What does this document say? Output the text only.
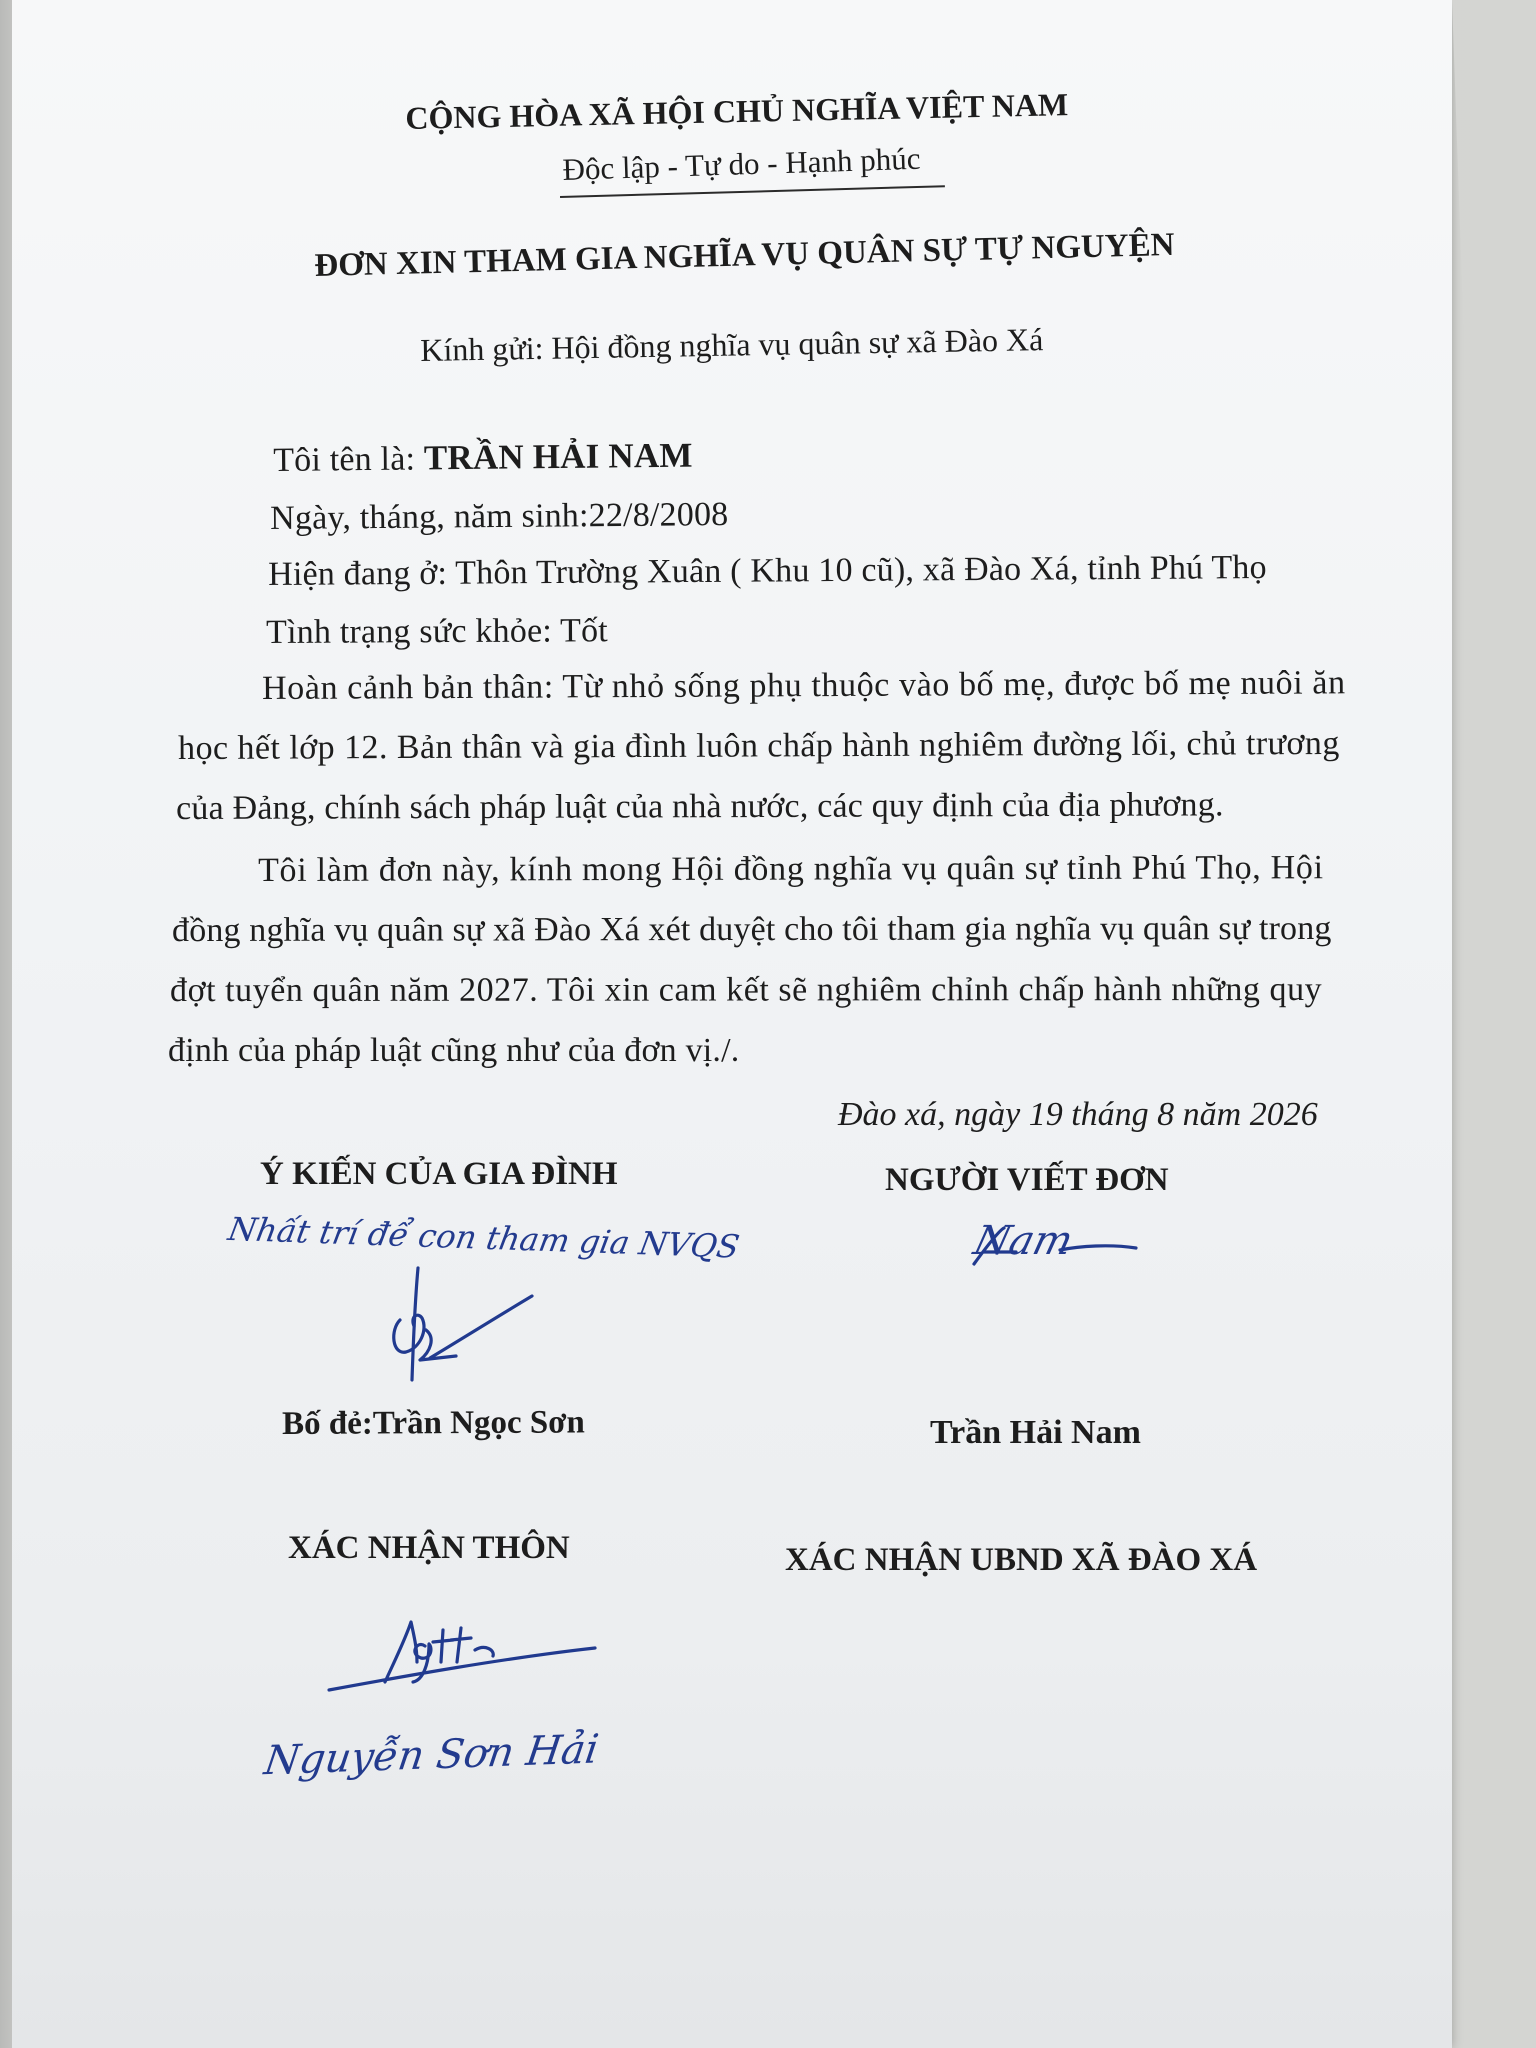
CỘNG HÒA XÃ HỘI CHỦ NGHĨA VIỆT NAM
Độc lập - Tự do - Hạnh phúc
ĐƠN XIN THAM GIA NGHĨA VỤ QUÂN SỰ TỰ NGUYỆN
Kính gửi: Hội đồng nghĩa vụ quân sự xã Đào Xá
Tôi tên là: TRẦN HẢI NAM
Ngày, tháng, năm sinh:22/8/2008
Hiện đang ở: Thôn Trường Xuân ( Khu 10 cũ), xã Đào Xá, tỉnh Phú Thọ
Tình trạng sức khỏe: Tốt
Hoàn cảnh bản thân: Từ nhỏ sống phụ thuộc vào bố mẹ, được bố mẹ nuôi ăn
học hết lớp 12. Bản thân và gia đình luôn chấp hành nghiêm đường lối, chủ trương
của Đảng, chính sách pháp luật của nhà nước, các quy định của địa phương.
Tôi làm đơn này, kính mong Hội đồng nghĩa vụ quân sự tỉnh Phú Thọ, Hội
đồng nghĩa vụ quân sự xã Đào Xá xét duyệt cho tôi tham gia nghĩa vụ quân sự trong
đợt tuyển quân năm 2027. Tôi xin cam kết sẽ nghiêm chỉnh chấp hành những quy
định của pháp luật cũng như của đơn vị./.
Đào xá, ngày 19 tháng 8 năm 2026
Ý KIẾN CỦA GIA ĐÌNH
Nhất trí để con tham gia NVQS
Bố đẻ:Trần Ngọc Sơn
NGƯỜI VIẾT ĐƠN
Nam
Trần Hải Nam
XÁC NHẬN THÔN
Nguyễn Sơn Hải
XÁC NHẬN UBND XÃ ĐÀO XÁ
